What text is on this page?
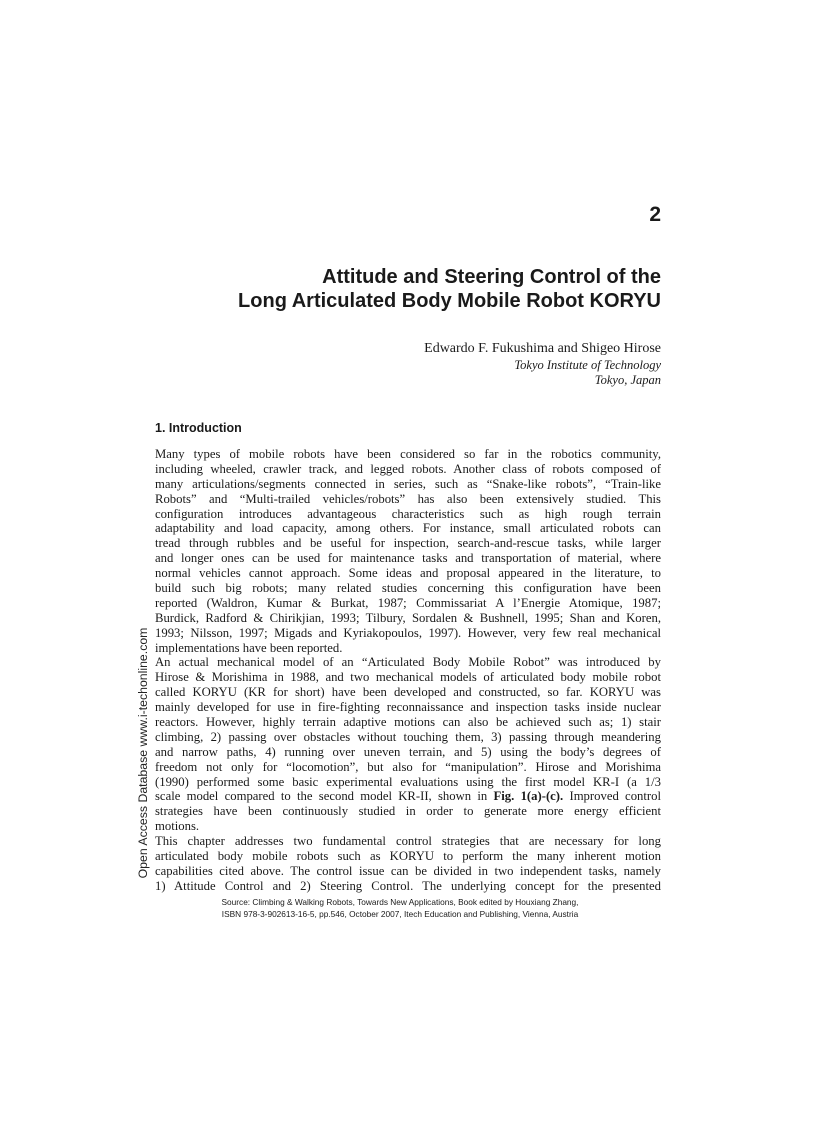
2
Attitude and Steering Control of the
Long Articulated Body Mobile Robot KORYU
Edwardo F. Fukushima and Shigeo Hirose
Tokyo Institute of Technology
Tokyo, Japan
1. Introduction
Many types of mobile robots have been considered so far in the robotics community,
including wheeled, crawler track, and legged robots. Another class of robots composed of
many articulations/segments connected in series, such as “Snake-like robots”, “Train-like
Robots” and “Multi-trailed vehicles/robots” has also been extensively studied. This
configuration introduces advantageous characteristics such as high rough terrain
adaptability and load capacity, among others. For instance, small articulated robots can
tread through rubbles and be useful for inspection, search-and-rescue tasks, while larger
and longer ones can be used for maintenance tasks and transportation of material, where
normal vehicles cannot approach. Some ideas and proposal appeared in the literature, to
build such big robots; many related studies concerning this configuration have been
reported (Waldron, Kumar & Burkat, 1987; Commissariat A l’Energie Atomique, 1987;
Burdick, Radford & Chirikjian, 1993; Tilbury, Sordalen & Bushnell, 1995; Shan and Koren,
1993; Nilsson, 1997; Migads and Kyriakopoulos, 1997). However, very few real mechanical
implementations have been reported.
An actual mechanical model of an “Articulated Body Mobile Robot” was introduced by
Hirose & Morishima in 1988, and two mechanical models of articulated body mobile robot
called KORYU (KR for short) have been developed and constructed, so far. KORYU was
mainly developed for use in fire-fighting reconnaissance and inspection tasks inside nuclear
reactors. However, highly terrain adaptive motions can also be achieved such as; 1) stair
climbing, 2) passing over obstacles without touching them, 3) passing through meandering
and narrow paths, 4) running over uneven terrain, and 5) using the body’s degrees of
freedom not only for “locomotion”, but also for “manipulation”. Hirose and Morishima
(1990) performed some basic experimental evaluations using the first model KR-I (a 1/3
scale model compared to the second model KR-II, shown in Fig. 1(a)-(c). Improved control
strategies have been continuously studied in order to generate more energy efficient
motions.
This chapter addresses two fundamental control strategies that are necessary for long
articulated body mobile robots such as KORYU to perform the many inherent motion
capabilities cited above. The control issue can be divided in two independent tasks, namely
1) Attitude Control and 2) Steering Control. The underlying concept for the presented
Source: Climbing & Walking Robots, Towards New Applications, Book edited by Houxiang Zhang,
ISBN 978-3-902613-16-5, pp.546, October 2007, Itech Education and Publishing, Vienna, Austria
Open Access Database www.i-techonline.com
